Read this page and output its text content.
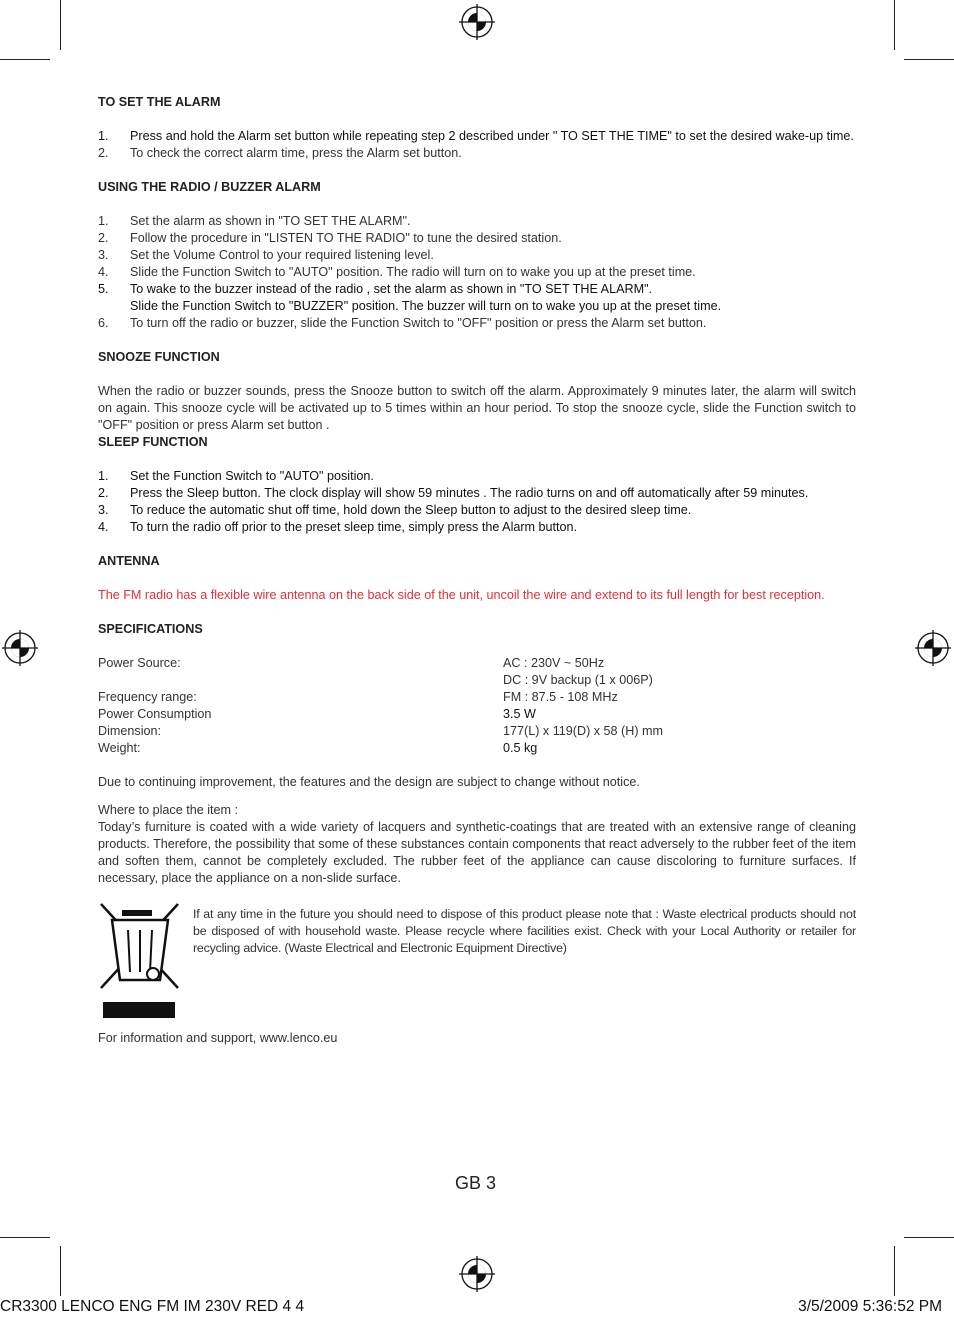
TO SET THE ALARM
1. Press and hold the Alarm set button while repeating step 2 described under " TO SET THE TIME" to set the desired wake-up time.
2. To check the correct alarm time, press the Alarm set button.
USING THE RADIO / BUZZER ALARM
1. Set the alarm as shown in "TO SET THE ALARM".
2. Follow the procedure in "LISTEN TO THE RADIO" to tune the desired station.
3. Set the Volume Control to your required listening level.
4. Slide the Function Switch to "AUTO" position. The radio will turn on to wake you up at the preset time.
5. To wake to the buzzer instead of the radio , set the alarm as shown in "TO SET THE ALARM".
Slide the Function Switch to "BUZZER" position. The buzzer will turn on to wake you up at the preset time.
6. To turn off the radio or buzzer, slide the Function Switch to "OFF" position or press the Alarm set button.
SNOOZE FUNCTION
When the radio or buzzer sounds, press the Snooze button to switch off the alarm. Approximately 9 minutes later, the alarm will switch on again. This snooze cycle will be activated up to 5 times within an hour period. To stop the snooze cycle, slide the Function switch to "OFF" position or press Alarm set button .
SLEEP FUNCTION
1. Set the Function Switch to "AUTO" position.
2. Press the Sleep button. The clock display will show 59 minutes . The radio turns on and off automatically after 59 minutes.
3. To reduce the automatic shut off time, hold down the Sleep button to adjust to the desired sleep time.
4. To turn the radio off prior to the preset sleep time, simply press the Alarm button.
ANTENNA
The FM radio has a flexible wire antenna on the back side of the unit, uncoil the wire and extend to its full length for best reception.
SPECIFICATIONS
Power Source:	AC : 230V ~ 50Hz
DC : 9V backup (1 x 006P)
Frequency range:	FM : 87.5 - 108 MHz
Power Consumption	3.5 W
Dimension:	177(L) x 119(D) x 58 (H) mm
Weight:	0.5 kg
Due to continuing improvement, the features and the design are subject to change without notice.
Where to place the item :
Today’s furniture is coated with a wide variety of lacquers and synthetic-coatings that are treated with an extensive range of cleaning products. Therefore, the possibility that some of these substances contain components that react adversely to the rubber feet of the item and soften them, cannot be completely excluded. The rubber feet of the appliance can cause discoloring to furniture surfaces. If necessary, place the appliance on a non-slide surface.
If at any time in the future you should need to dispose of this product please note that : Waste electrical products should not be disposed of with household waste. Please recycle where facilities exist. Check with your Local Authority or retailer for recycling advice. (Waste Electrical and Electronic Equipment Directive)
For information and support, www.lenco.eu
GB 3
CR3300 LENCO ENG FM IM 230V RED 4 4	3/5/2009 5:36:52 PM
